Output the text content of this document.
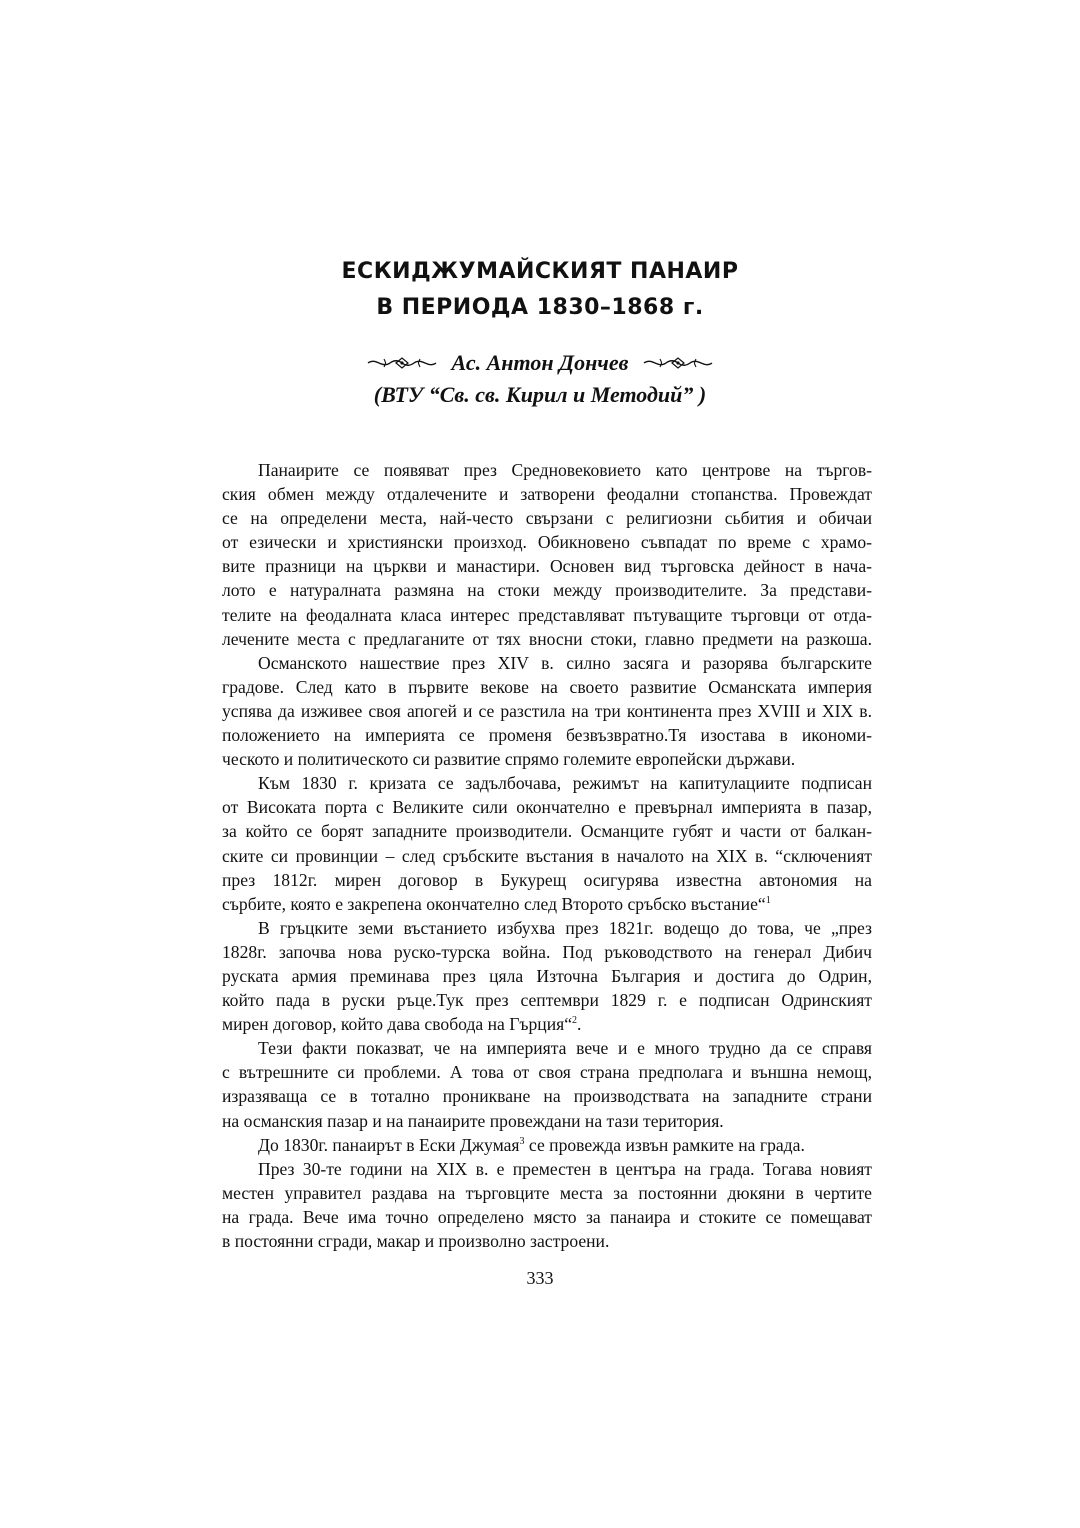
ЕСКИДЖУМАЙСКИЯТ ПАНАИР
В ПЕРИОДА 1830–1868 г.
Ас. Антон Дончев
(ВТУ “Св. св. Кирил и Методий” )
Панаирите се появяват през Средновековието като центрове на търгов-
ския обмен между отдалечените и затворени феодални стопанства. Провеждат
се на определени места, най-често свързани с религиозни сьбития и обичаи
от езически и християнски произход. Обикновено съвпадат по време с храмо-
вите празници на църкви и манастири. Основен вид търговска дейност в нача-
лото е натуралната размяна на стоки между производителите. За представи-
телите на феодалната класа интерес представляват пътуващите търговци от отда-
лечените места с предлаганите от тях вносни стоки, главно предмети на разкоша.
Османското нашествие през XIV в. силно засяга и разорява българските
градове. След като в първите векове на своето развитие Османската империя
успява да изживее своя апогей и се разстила на три континента през XVIII и XIX в.
положението на империята се променя безвъзвратно.Тя изостава в икономи-
ческото и политическото си развитие спрямо големите европейски държави.
Към 1830 г. кризата се задълбочава, режимът на капитулациите подписан
от Високата порта с Великите сили окончателно е превърнал империята в пазар,
за който се борят западните производители. Османците губят и части от балкан-
ските си провинции – след сръбските въстания в началото на XIX в. “сключеният
през 1812г. мирен договор в Букурещ осигурява известна автономия на
сърбите, която е закрепена окончателно след Второто сръбско въстание“$^1$
В гръцките земи въстанието избухва през 1821г. водещо до това, че „през
1828г. започва нова руско-турска война. Под ръководството на генерал Дибич
руската армия преминава през цяла Източна България и достига до Одрин,
който пада в руски ръце.Тук през септември 1829 г. е подписан Одринският
мирен договор, който дава свобода на Гърция“$^2$.
Тези факти показват, че на империята вече и е много трудно да се справя
с вътрешните си проблеми. А това от своя страна предполага и външна немощ,
изразяваща се в тотално проникване на производствата на западните страни
на османския пазар и на панаирите провеждани на тази територия.
До 1830г. панаирът в Ески Джумая$^3$ се провежда извън рамките на града.
През 30-те години на XIX в. е преместен в центъра на града. Тогава новият
местен управител раздава на търговците места за постоянни дюкяни в чертите
на града. Вече има точно определено място за панаира и стоките се помещават
в постоянни сгради, макар и произволно застроени.
333
